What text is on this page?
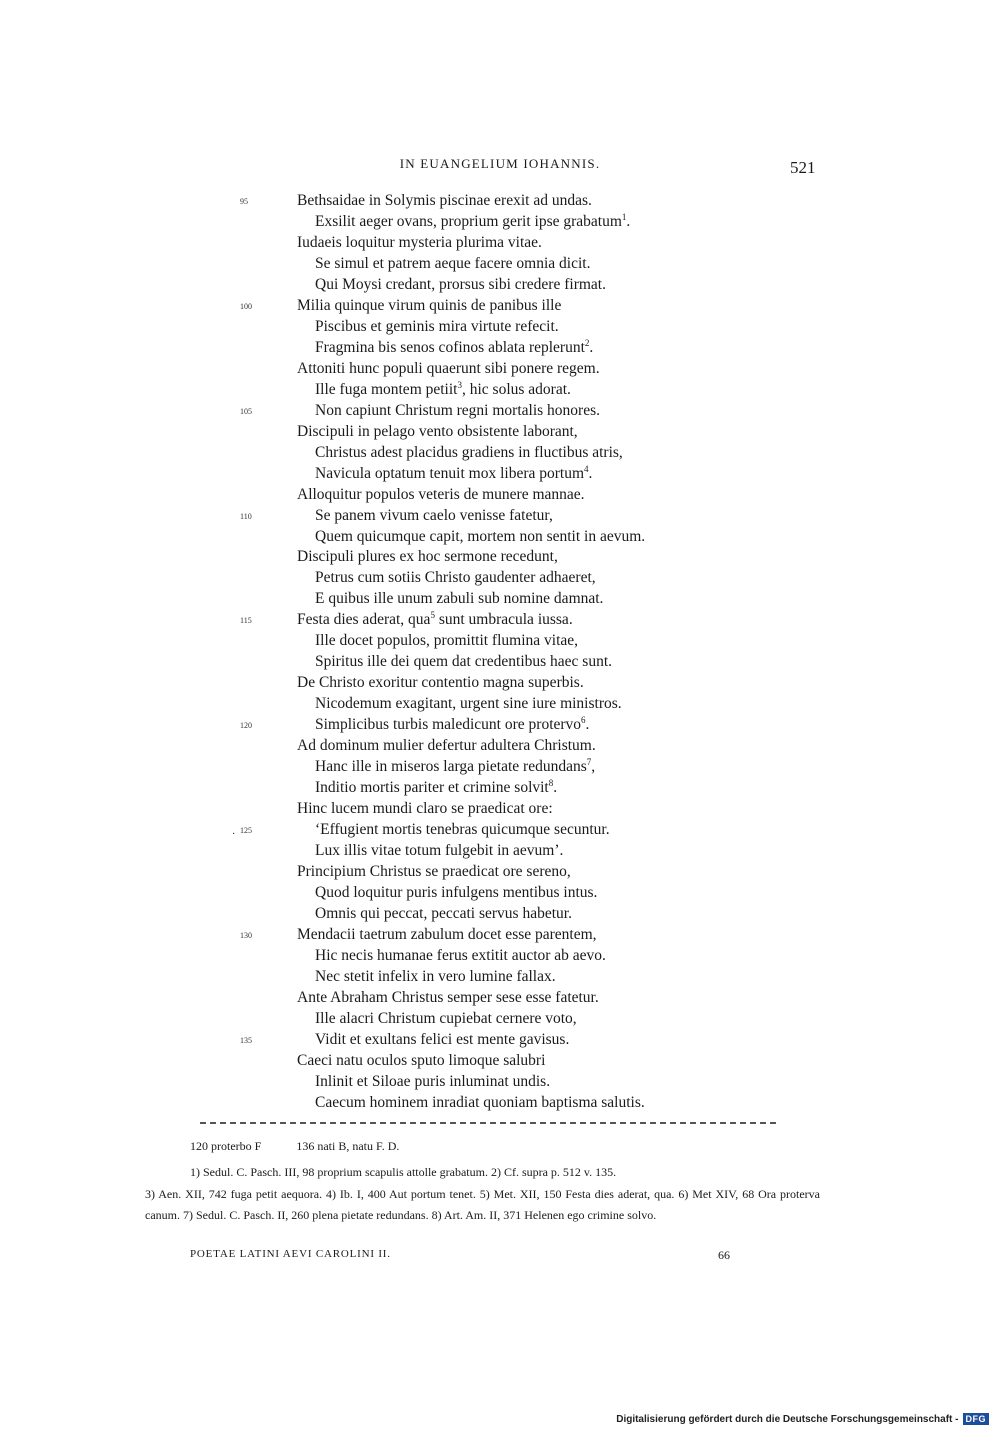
IN EUANGELIUM IOHANNIS.	521
95	Bethsaidae in Solymis piscinae erexit ad undas.
Exsilit aeger ovans, proprium gerit ipse grabatum$^1$.
Iudaeis loquitur mysteria plurima vitae.
Se simul et patrem aeque facere omnia dicit.
Qui Moysi credant, prorsus sibi credere firmat.
100	Milia quinque virum quinis de panibus ille
Piscibus et geminis mira virtute refecit.
Fragmina bis senos cofinos ablata replerunt$^2$.
Attoniti hunc populi quaerunt sibi ponere regem.
Ille fuga montem petiit$^3$, hic solus adorat.
105	Non capiunt Christum regni mortalis honores.
Discipuli in pelago vento obsistente laborant,
Christus adest placidus gradiens in fluctibus atris,
Navicula optatum tenuit mox libera portum$^4$.
Alloquitur populos veteris de munere mannae.
110	Se panem vivum caelo venisse fatetur,
Quem quicumque capit, mortem non sentit in aevum.
Discipuli plures ex hoc sermone recedunt,
Petrus cum sotiis Christo gaudenter adhaeret,
E quibus ille unum zabuli sub nomine damnat.
115	Festa dies aderat, qua$^5$ sunt umbracula iussa.
Ille docet populos, promittit flumina vitae,
Spiritus ille dei quem dat credentibus haec sunt.
De Christo exoritur contentio magna superbis.
Nicodemum exagitant, urgent sine iure ministros.
120	Simplicibus turbis maledicunt ore protervo$^6$.
Ad dominum mulier defertur adultera Christum.
Hanc ille in miseros larga pietate redundans$^7$,
Inditio mortis pariter et crimine solvit$^8$.
Hinc lucem mundi claro se praedicat ore:
125	‘Effugient mortis tenebras quicumque secuntur.
Lux illis vitae totum fulgebit in aevum’.
Principium Christus se praedicat ore sereno,
Quod loquitur puris infulgens mentibus intus.
Omnis qui peccat, peccati servus habetur.
130	Mendacii taetrum zabulum docet esse parentem,
Hic necis humanae ferus extitit auctor ab aevo.
Nec stetit infelix in vero lumine fallax.
Ante Abraham Christus semper sese esse fatetur.
Ille alacri Christum cupiebat cernere voto,
135	Vidit et exultans felici est mente gavisus.
Caeci natu oculos sputo limoque salubri
Inlinit et Siloae puris inluminat undis.
Caecum hominem inradiat quoniam baptisma salutis.
·
120 proterbo F	136 nati B, natu F. D.
1) Sedul. C. Pasch. III, 98 proprium scapulis attolle grabatum. 2) Cf. supra p. 512 v. 135.
3) Aen. XII, 742 fuga petit aequora. 4) Ib. I, 400 Aut portum tenet. 5) Met. XII, 150 Festa dies aderat, qua. 6) Met XIV, 68 Ora proterva canum. 7) Sedul. C. Pasch. II, 260 plena pietate redundans. 8) Art. Am. II, 371 Helenen ego crimine solvo.
POETAE LATINI AEVI CAROLINI II.	66
Digitalisierung gefördert durch die Deutsche Forschungsgemeinschaft - DFG
